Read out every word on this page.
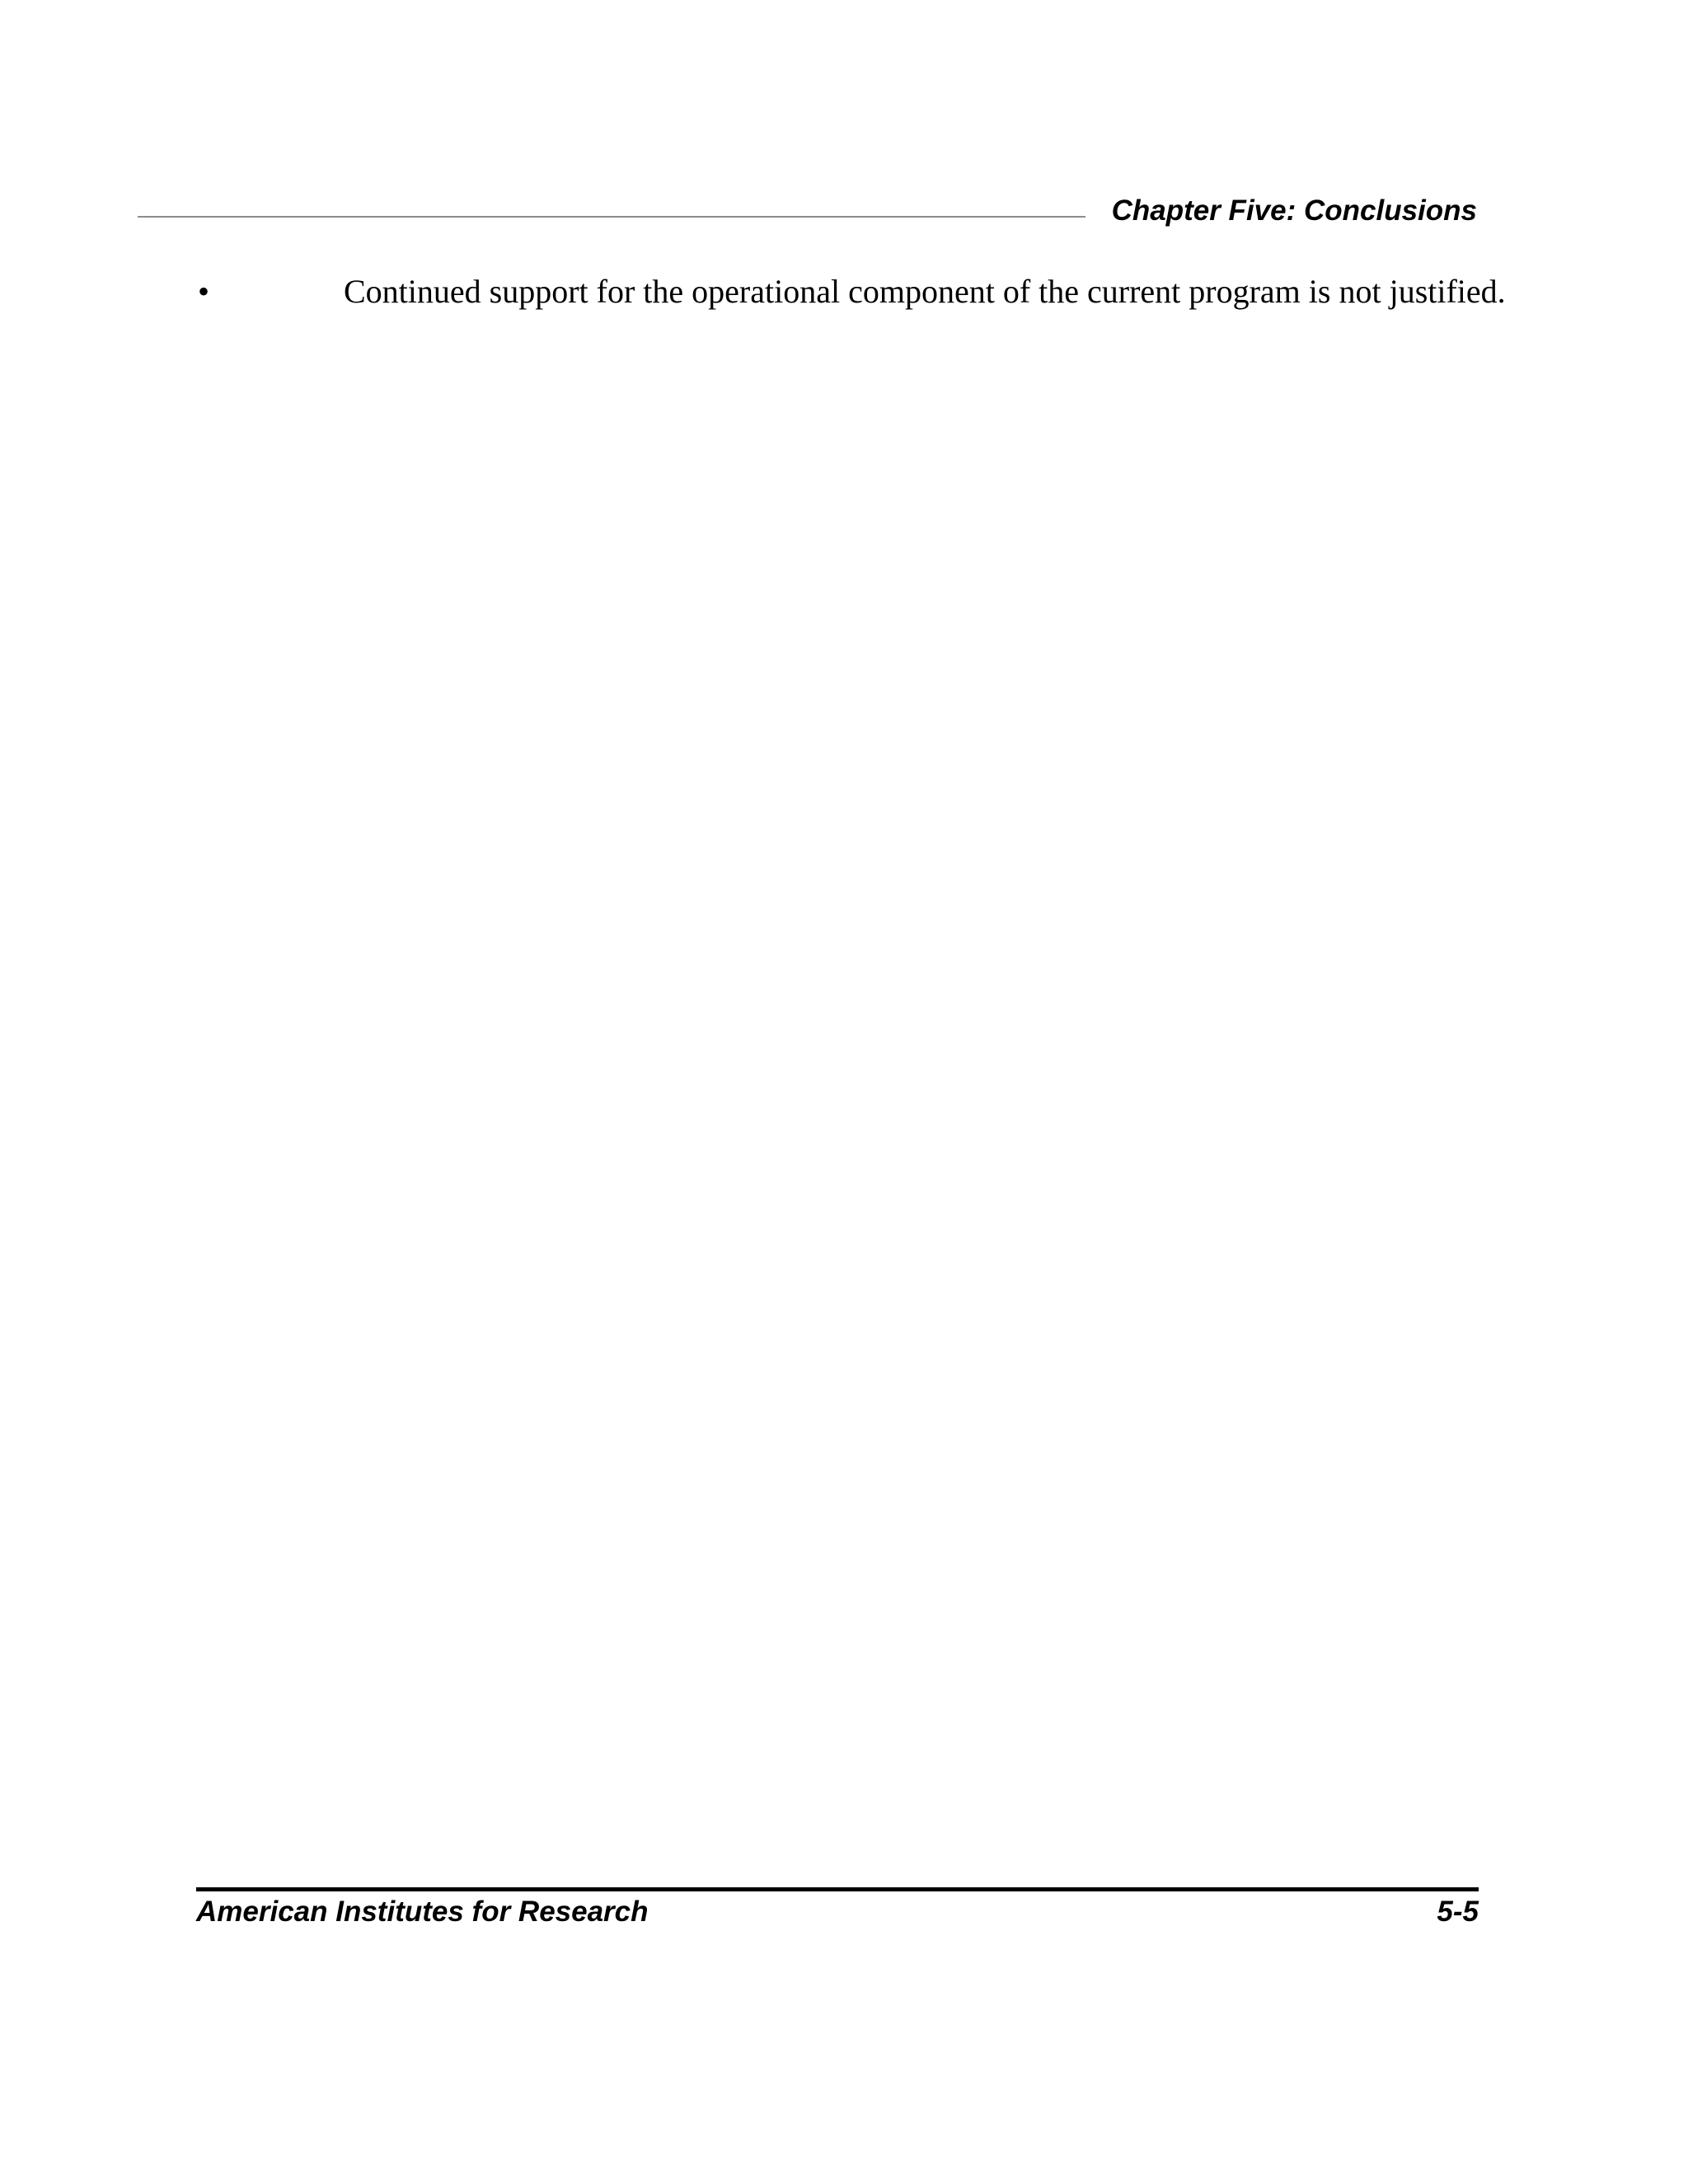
Chapter Five: Conclusions
•	Continued support for the operational component of the current program is not justified.
American Institutes for Research	5-5
